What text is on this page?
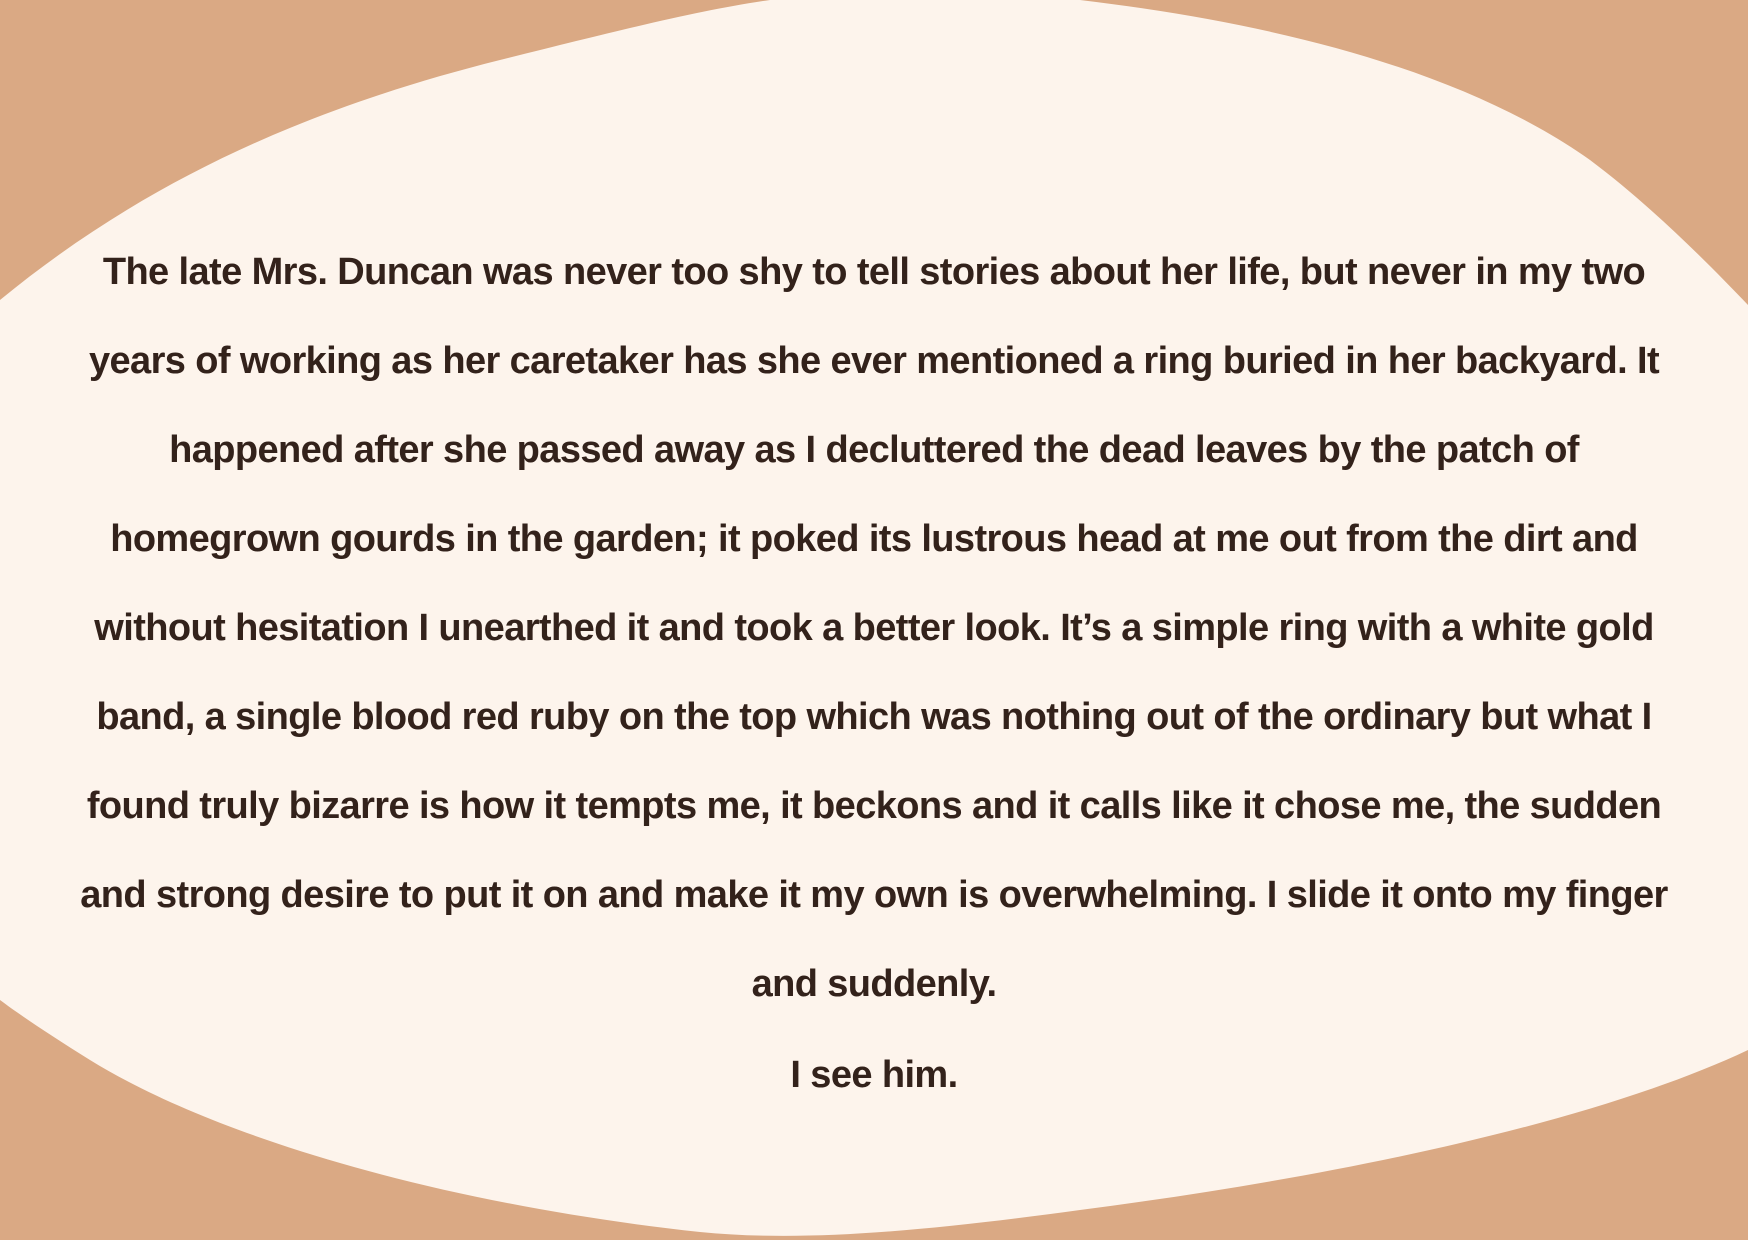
The late Mrs. Duncan was never too shy to tell stories about her life, but never in my two

years of working as her caretaker has she ever mentioned a ring buried in her backyard. It

happened after she passed away as I decluttered the dead leaves by the patch of

homegrown gourds in the garden; it poked its lustrous head at me out from the dirt and

without hesitation I unearthed it and took a better look. It’s a simple ring with a white gold

band, a single blood red ruby on the top which was nothing out of the ordinary but what I

found truly bizarre is how it tempts me, it beckons and it calls like it chose me, the sudden

and strong desire to put it on and make it my own is overwhelming. I slide it onto my finger

and suddenly.

I see him.
